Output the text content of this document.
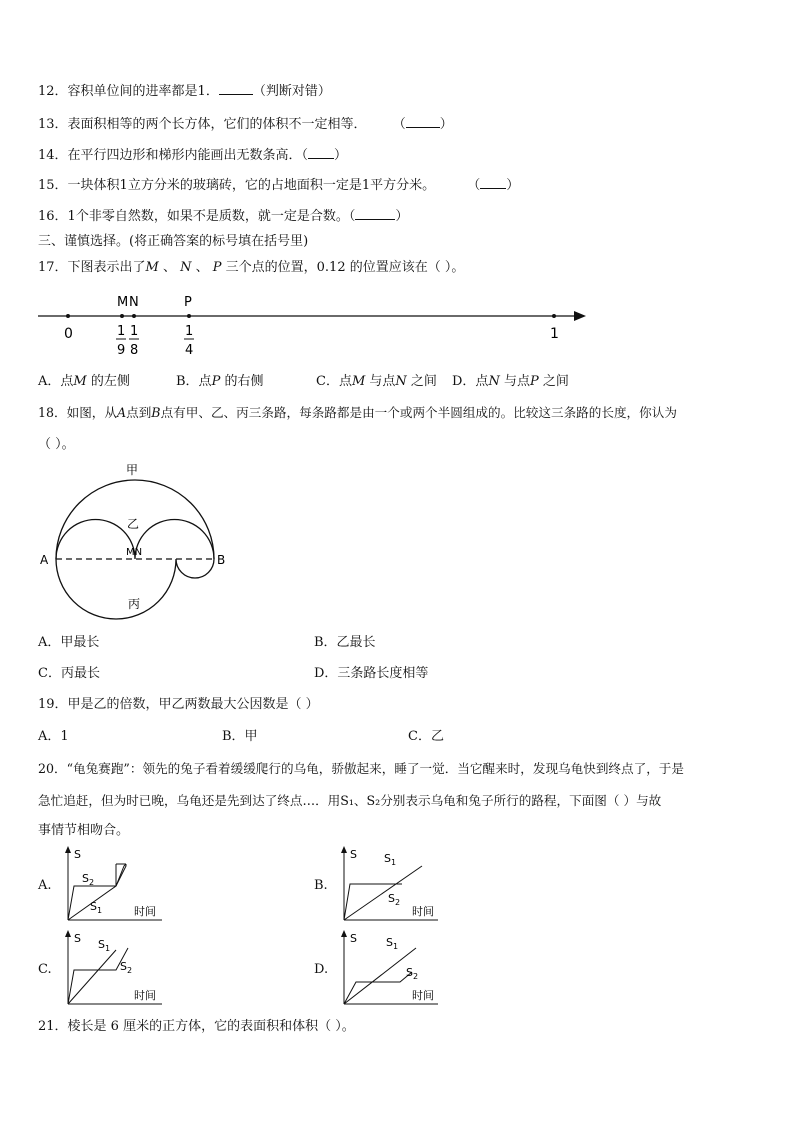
12．容积单位间的进率都是1．	（判断对错）
13．表面积相等的两个长方体，它们的体积不一定相等． （	）
14．在平行四边形和梯形内能画出无数条高．（ ）
15．一块体积1立方分米的玻璃砖，它的占地面积一定是1平方分米。 （ ）
16．1个非零自然数，如果不是质数，就一定是合数。（	）
三、谨慎选择。(将正确答案的标号填在括号里)
17．下图表示出了M 、 N 、 P 三个点的位置，0.12 的位置应该在（ ）。
M N	P
0	1
1
9
1
8
1
4
A．点M 的左侧	B．点P 的右侧	C．点M 与点N 之间 D．点N 与点P 之间
18．如图，从A点到B点有甲、乙、丙三条路，每条路都是由一个或两个半圆组成的。比较这三条路的长度，你认为
（ ）。
甲
乙
MN
丙
A	B
A．甲最长	B．乙最长
C．丙最长	D．三条路长度相等
19．甲是乙的倍数，甲乙两数最大公因数是（ ）
A．1	B．甲	C．乙
20．“龟兔赛跑”：领先的兔子看着缓缓爬行的乌龟，骄傲起来，睡了一觉．当它醒来时，发现乌龟快到终点了，于是
急忙追赶，但为时已晚，乌龟还是先到达了终点…．用S₁、S₂分别表示乌龟和兔子所行的路程，下面图（ ）与故
事情节相吻合。
A.	B.
C.	D.
S
时间
$S_2$
$S_1$
S
时间
$S_1$
$S_2$
S
时间
$S_1$
$S_2$
S
时间
$S_1$
$S_2$
21．棱长是 6 厘米的正方体，它的表面积和体积（ ）。
